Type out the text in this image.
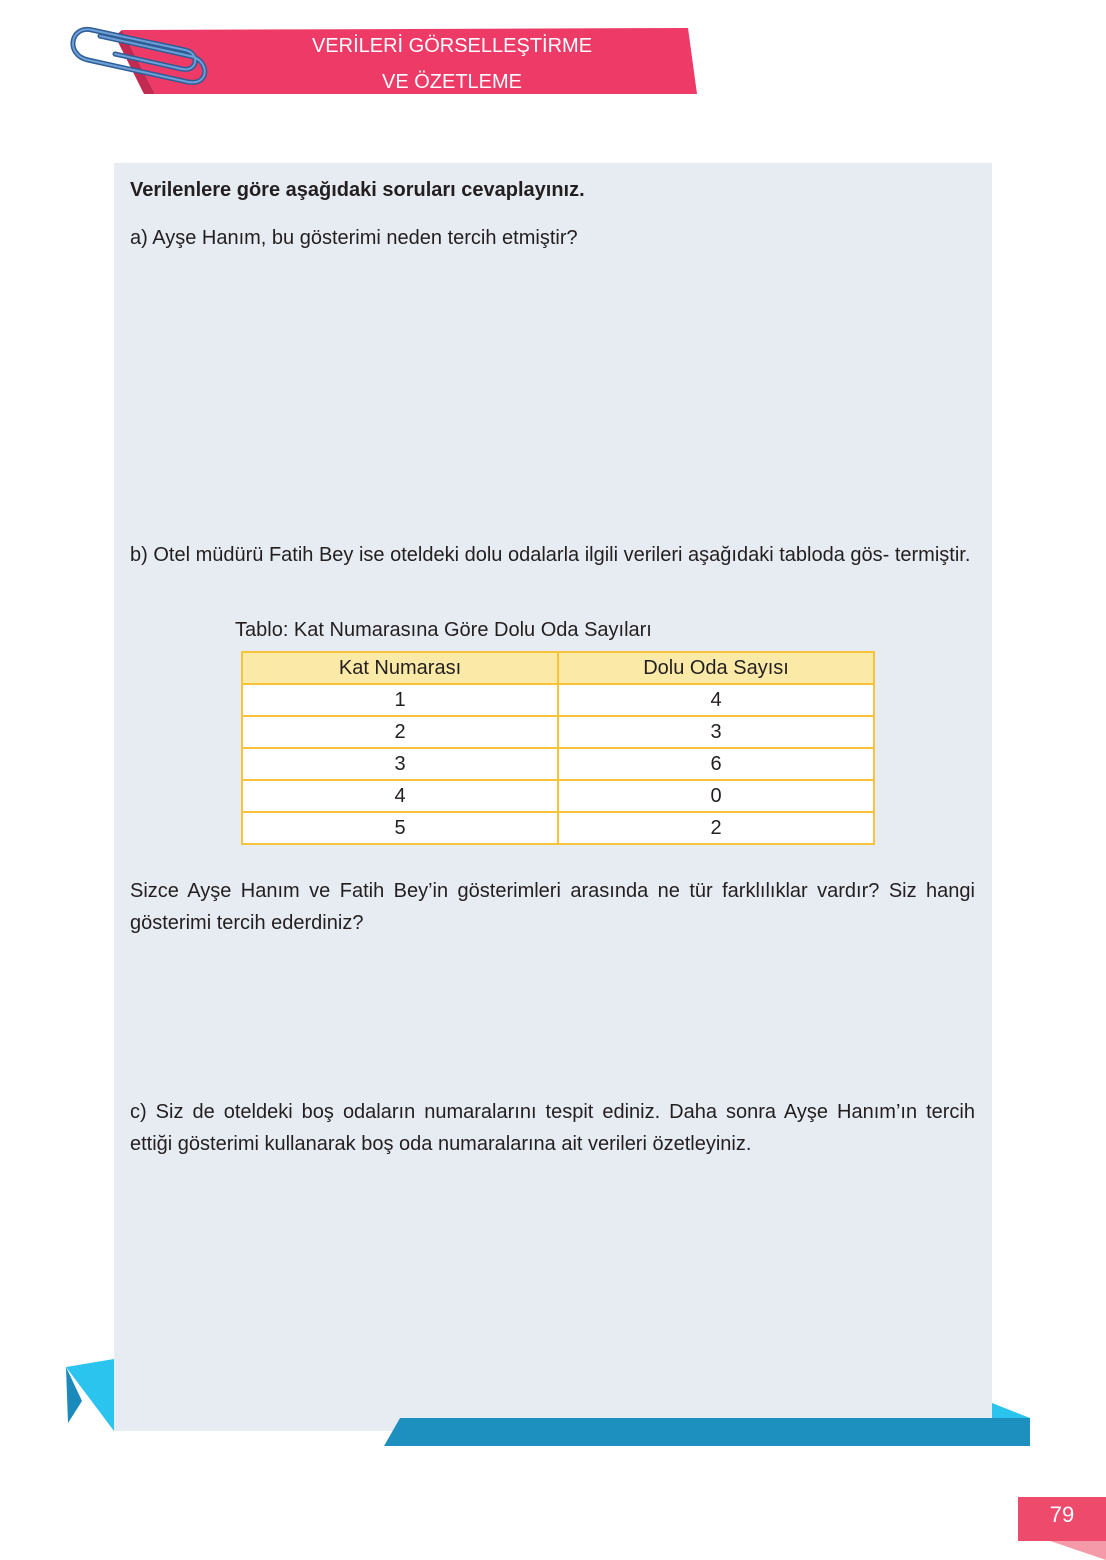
VERİLERİ GÖRSELLEŞTİRME
VE ÖZETLEME
Verilenlere göre aşağıdaki soruları cevaplayınız.
a) Ayşe Hanım, bu gösterimi neden tercih etmiştir?
b) Otel müdürü Fatih Bey ise oteldeki dolu odalarla ilgili verileri aşağıdaki tabloda gös- termiştir.
Tablo: Kat Numarasına Göre Dolu Oda Sayıları
Kat Numarası	Dolu Oda Sayısı
1	4
2	3
3	6
4	0
5	2
Sizce Ayşe Hanım ve Fatih Bey’in gösterimleri arasında ne tür farklılıklar vardır? Siz hangi gösterimi tercih ederdiniz?
c) Siz de oteldeki boş odaların numaralarını tespit ediniz. Daha sonra Ayşe Hanım’ın tercih ettiği gösterimi kullanarak boş oda numaralarına ait verileri özetleyiniz.
79
